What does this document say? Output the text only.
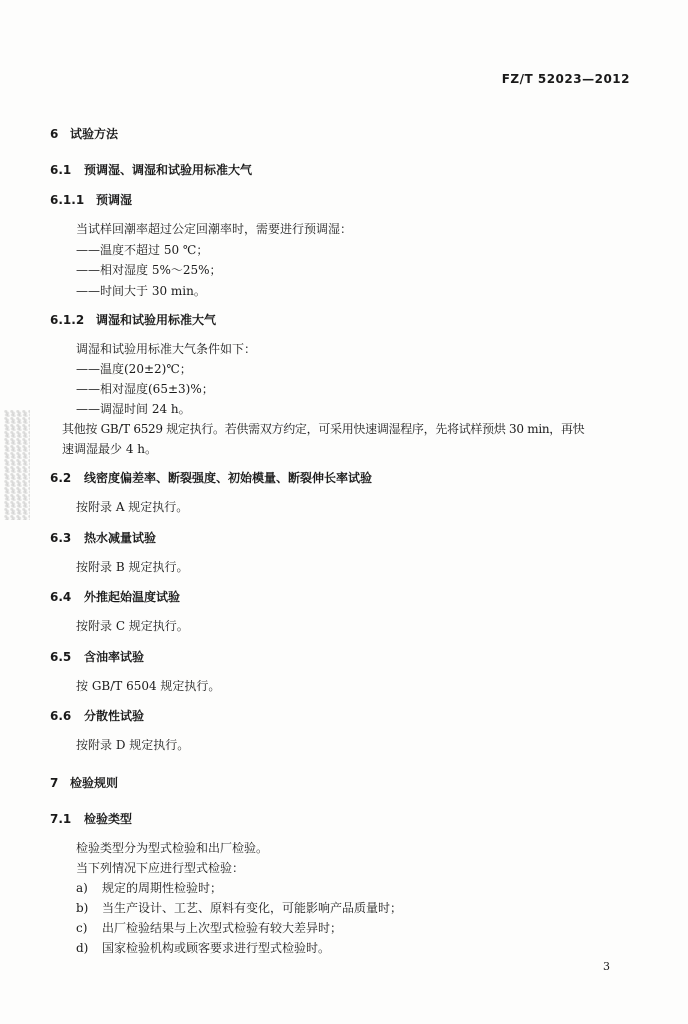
FZ/T 52023—2012
6 试验方法
6.1 预调湿、调湿和试验用标准大气
6.1.1 预调湿
当试样回潮率超过公定回潮率时，需要进行预调湿：
——温度不超过 50 ℃；
——相对湿度 5%～25%；
——时间大于 30 min。
6.1.2 调湿和试验用标准大气
调湿和试验用标准大气条件如下：
——温度(20±2)℃；
——相对湿度(65±3)%；
——调湿时间 24 h。
其他按 GB/T 6529 规定执行。若供需双方约定，可采用快速调湿程序，先将试样预烘 30 min，再快
速调湿最少 4 h。
6.2 线密度偏差率、断裂强度、初始模量、断裂伸长率试验
按附录 A 规定执行。
6.3 热水减量试验
按附录 B 规定执行。
6.4 外推起始温度试验
按附录 C 规定执行。
6.5 含油率试验
按 GB/T 6504 规定执行。
6.6 分散性试验
按附录 D 规定执行。
7 检验规则
7.1 检验类型
检验类型分为型式检验和出厂检验。
当下列情况下应进行型式检验：
a) 规定的周期性检验时；
b) 当生产设计、工艺、原料有变化，可能影响产品质量时；
c) 出厂检验结果与上次型式检验有较大差异时；
d) 国家检验机构或顾客要求进行型式检验时。
3
